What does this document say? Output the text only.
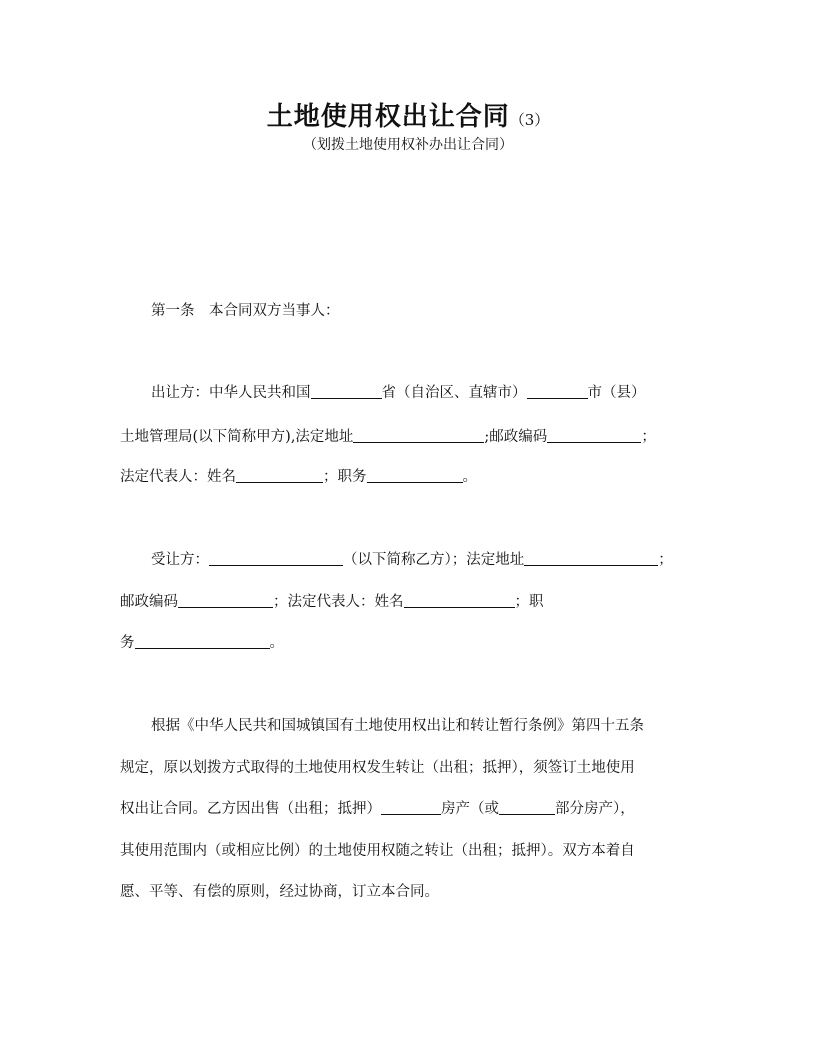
土地使用权出让合同（3）
（划拨土地使用权补办出让合同）
第一条　本合同双方当事人：
出让方：中华人民共和国	省（自治区、直辖市）	市（县）
土地管理局(以下简称甲方),法定地址	;邮政编码	；
法定代表人：姓名	；职务	。
受让方：	（以下简称乙方）；法定地址	；
邮政编码	；法定代表人：姓名	；职
务	。
根据《中华人民共和国城镇国有土地使用权出让和转让暂行条例》第四十五条
规定，原以划拨方式取得的土地使用权发生转让（出租；抵押），须签订土地使用
权出让合同。乙方因出售（出租；抵押）	房产（或	部分房产），
其使用范围内（或相应比例）的土地使用权随之转让（出租；抵押）。双方本着自
愿、平等、有偿的原则，经过协商，订立本合同。
